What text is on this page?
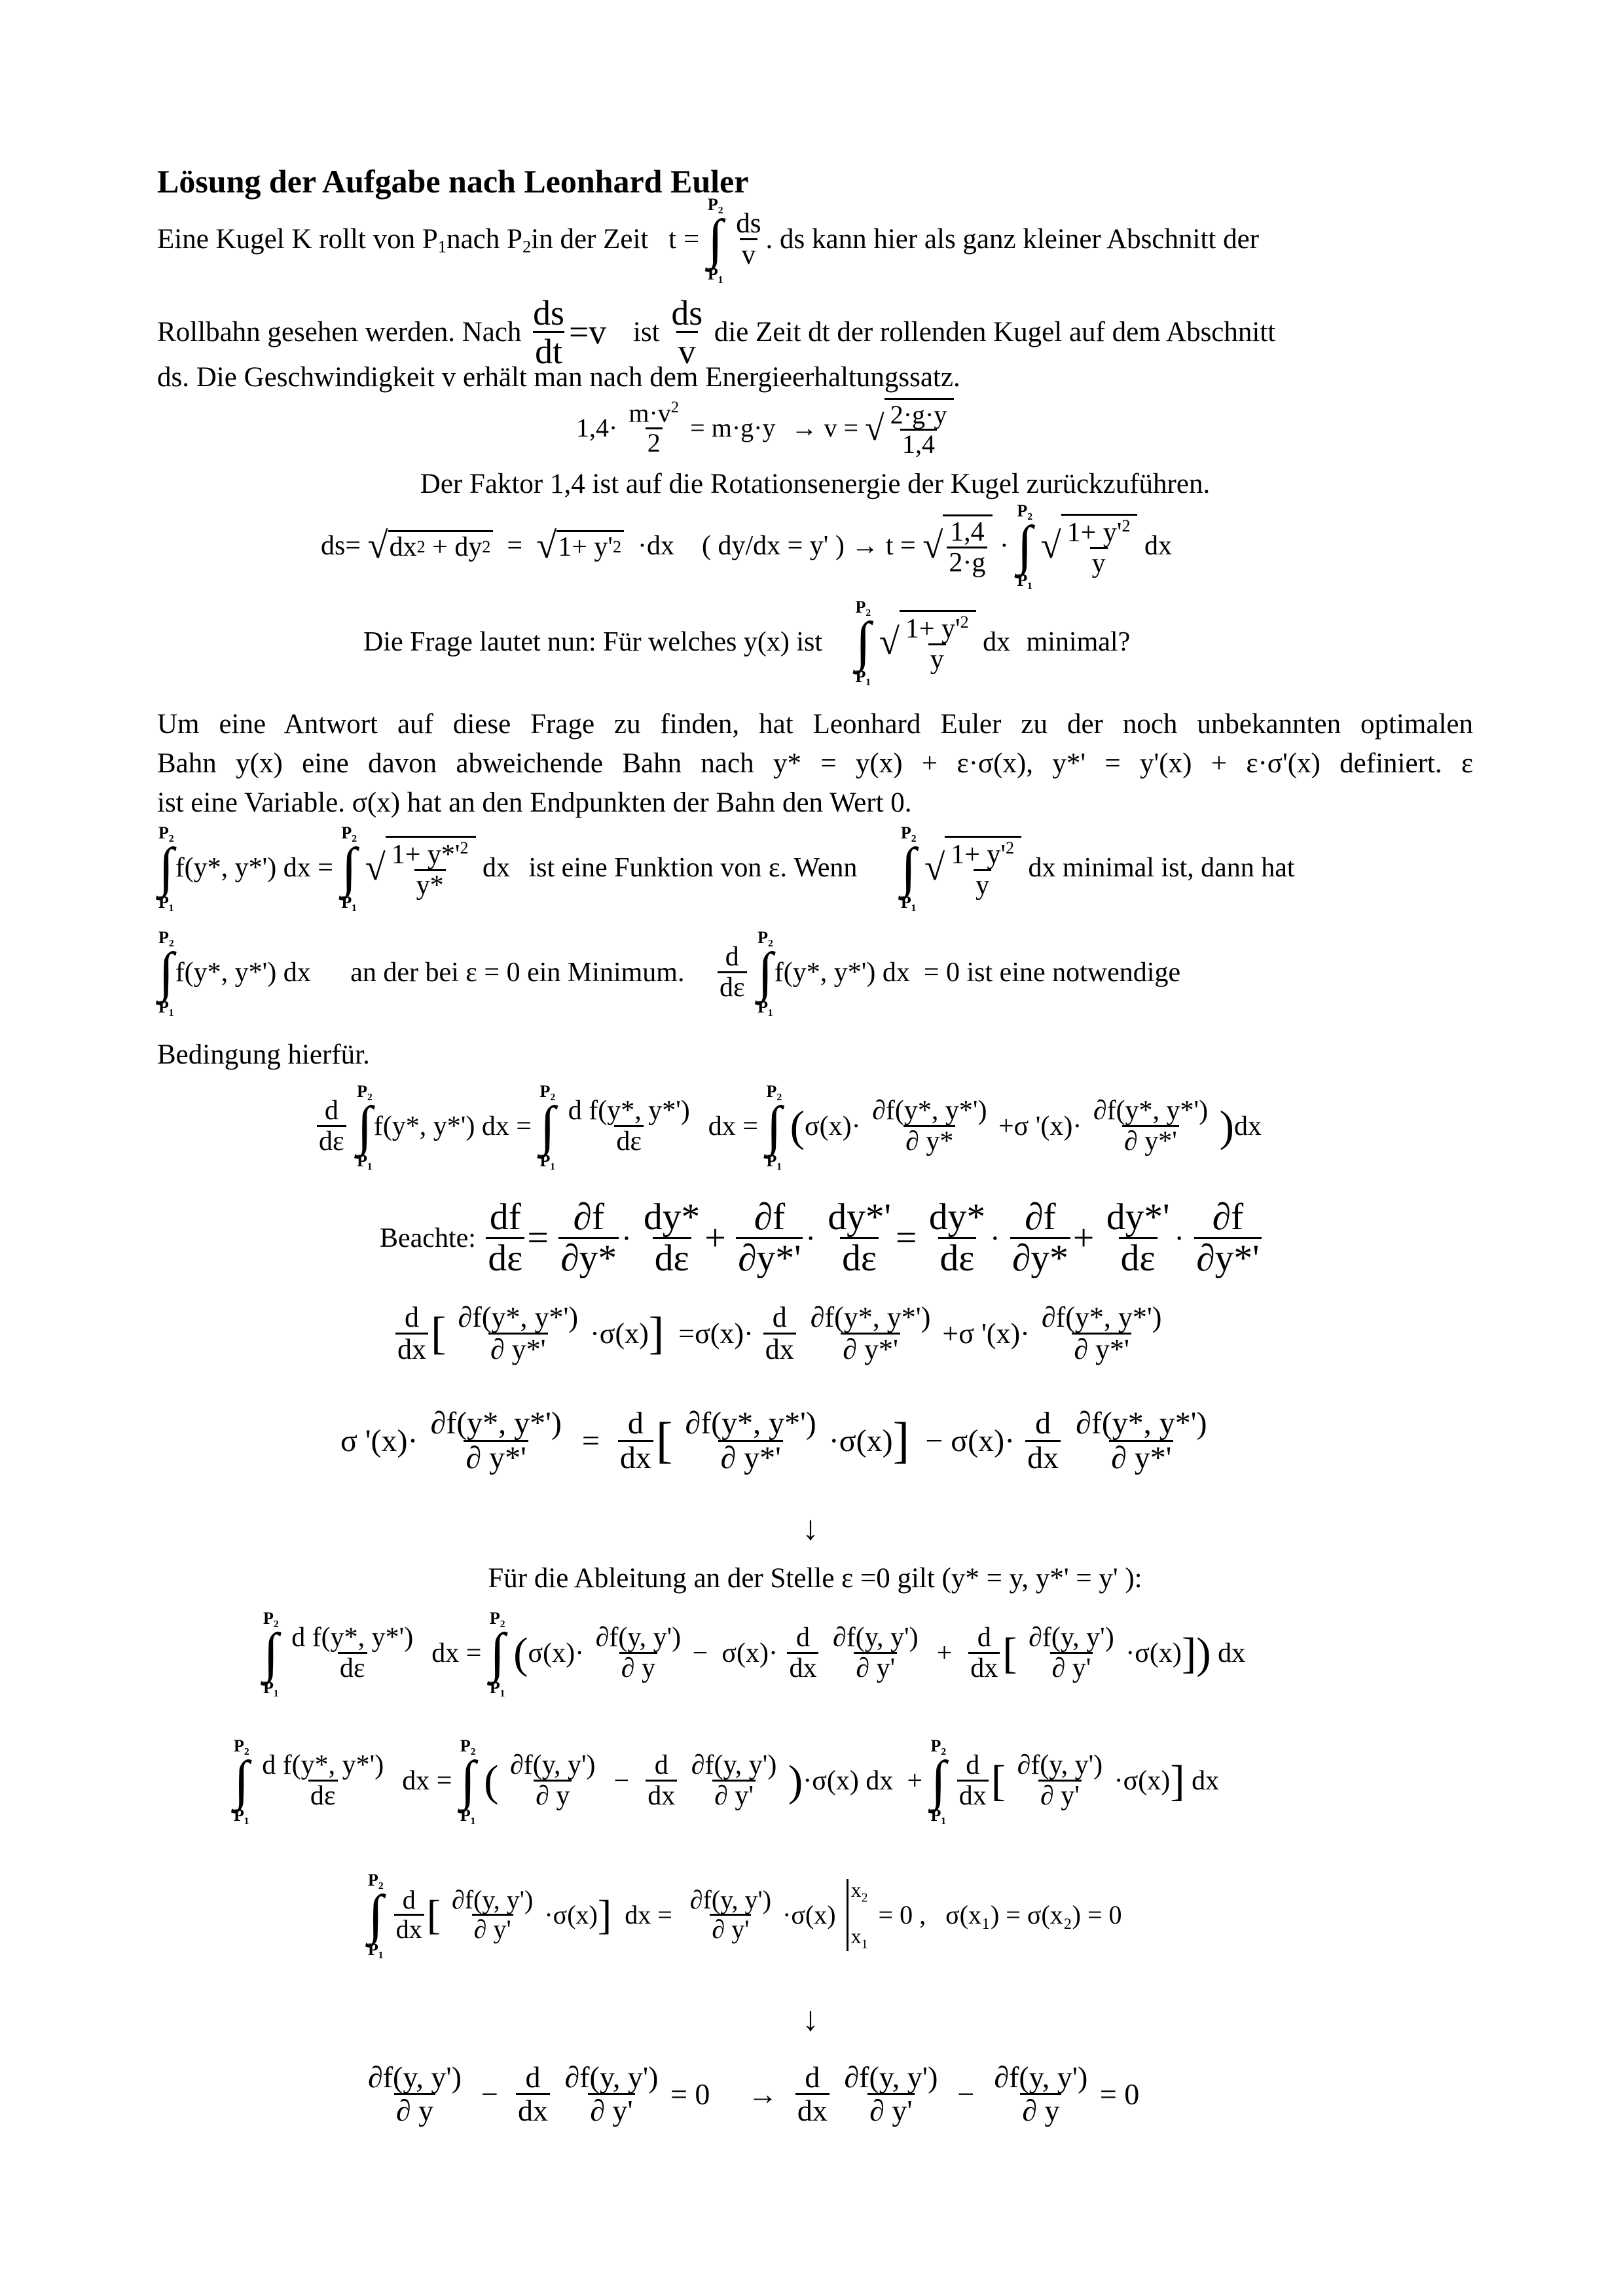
Lösung der Aufgabe nach Leonhard Euler
Eine Kugel K rollt von $P_1nach$ $P_2in$ der Zeit t =
P₂
∫
P₁

$\frac{ds}{v}$ . ds kann hier als ganz kleiner Abschnitt der
Rollbahn gesehen werden. Nach $\frac{ds}{dt} =v$ ist $\frac{ds}{v}$ die Zeit dt der rollenden Kugel auf dem Abschnitt
ds. Die Geschwindigkeit v erhält man nach dem Energieerhaltungssatz.
$1,4\cdot \frac{m\cdot v^2}{2} = m\cdot g\cdot y \to v$ = √ $\frac{2\cdot g\cdot y}{1,4}$
Der Faktor 1,4 ist auf die Rotationsenergie der Kugel zurückzuführen.
ds= √ dx 2 + dy 2 = √ 1+ y' 2 ·dx    ( dy/dx = y' ) → t = √ $\frac{1,4}{2\cdot g}$ ·
P₂
∫
P₁

√ $\frac{1+ y'^2}{y}$ dx
Die Frage lautet nun: Für welches y(x) ist
P₂
∫
P₁

√ $\frac{1+ y'^2}{y}$ dx minimal?
Um eine Antwort auf diese Frage zu finden, hat Leonhard Euler zu der noch unbekannten optimalen
Bahn y(x) eine davon abweichende Bahn nach y* = y(x) + ε·σ(x), y*' = y'(x) + ε·σ'(x) definiert. ε
ist eine Variable. σ(x) hat an den Endpunkten der Bahn den Wert 0.
P₂
∫
P₁
f(y*, y*') dx =
P₂
∫
P₁

√ $\frac{1+ y*'^2}{y*}$ dx ist eine Funktion von ε. Wenn
P₂
∫
P₁

√ $\frac{1+ y'^2}{y}$ dx minimal ist, dann hat
P₂
∫
P₁
f(y*, y*') dx an der bei ε = 0 ein Minimum. $\frac{d}{d\varepsilon}$

P₂
∫
P₁
f(y*, y*') dx  = 0 ist eine notwendige
Bedingung hierfür.
$\frac{d}{d\varepsilon}$

P₂
∫
P₁
f(y*, y*') dx =
P₂
∫
P₁

$\frac{\text{d f(y*, y*')}}{d\varepsilon}$ dx =
P₂
∫
P₁
($\sigma(x)\cdot \frac{\partial f(y*, y*')}{\partial y*} +\sigma$ '$(x)\cdot \frac{\partial f(y*, y*')}{\partial y*'} )dx$
Beachte: $\frac{df}{d\varepsilon} = \frac{\partial f}{\partial y*} \cdot \frac{dy*}{d\varepsilon} + \frac{\partial f}{\partial y*'} \cdot \frac{dy*'}{d\varepsilon} = \frac{dy*}{d\varepsilon} \cdot \frac{\partial f}{\partial y*} + \frac{dy*'}{d\varepsilon} \cdot \frac{\partial f}{\partial y*'}$
$\frac{d}{dx}$ [ $\frac{\partial f(y*, y*')}{\partial y*'} \cdot\sigma(x)] =\sigma(x)\cdot \frac{d}{dx}$
$\frac{\partial f(y*, y*')}{\partial y*'} +\sigma$ '$(x)\cdot \frac{\partial f(y*, y*')}{\partial y*'}$
σ '$(x)\cdot \frac{\partial f(y*, y*')}{\partial y*'} = \frac{d}{dx}$ [ $\frac{\partial f(y*, y*')}{\partial y*'} \cdot\sigma(x)] - \sigma(x)\cdot \frac{d}{dx}$
$\frac{\partial f(y*, y*')}{\partial y*'}$
↓
Für die Ableitung an der Stelle ε =0 gilt (y* = y, y*' = y' ):
P₂
∫
P₁

$\frac{\text{d f(y*, y*')}}{d\varepsilon}$ dx =
P₂
∫
P₁
($\sigma(x)\cdot \frac{\partial f(y, y')}{\partial y} - \sigma(x)\cdot \frac{d}{dx}$
$\frac{\partial f(y, y')}{\partial y'} + \frac{d}{dx}$ [ $\frac{\partial f(y, y')}{\partial y'} \cdot\sigma(x)$]) dx
P₂
∫
P₁

$\frac{\text{d f(y*, y*')}}{d\varepsilon}$ dx =
P₂
∫
P₁
( $\frac{\partial f(y, y')}{\partial y} - \frac{d}{dx}$
$\frac{\partial f(y, y')}{\partial y'} )\cdot\sigma(x)$ dx  +
P₂
∫
P₁

$\frac{d}{dx}$ [ $\frac{\partial f(y, y')}{\partial y'} \cdot\sigma(x)$] dx
P₂
∫
P₁

$\frac{d}{dx}$ [ $\frac{\partial f(y, y')}{\partial y'} \cdot\sigma(x)$]  dx = $\frac{\partial f(y, y')}{\partial y'} \cdot\sigma(x)$
$x_2$
$x_1$
= 0 ,   σ(x₁) = σ(x₂) = 0
↓
$\frac{\partial f(y, y')}{\partial y} - \frac{d}{dx}$
$\frac{\partial f(y, y')}{\partial y'} = 0$     → $\frac{d}{dx}$
$\frac{\partial f(y, y')}{\partial y'} - \frac{\partial f(y, y')}{\partial y} = 0$
